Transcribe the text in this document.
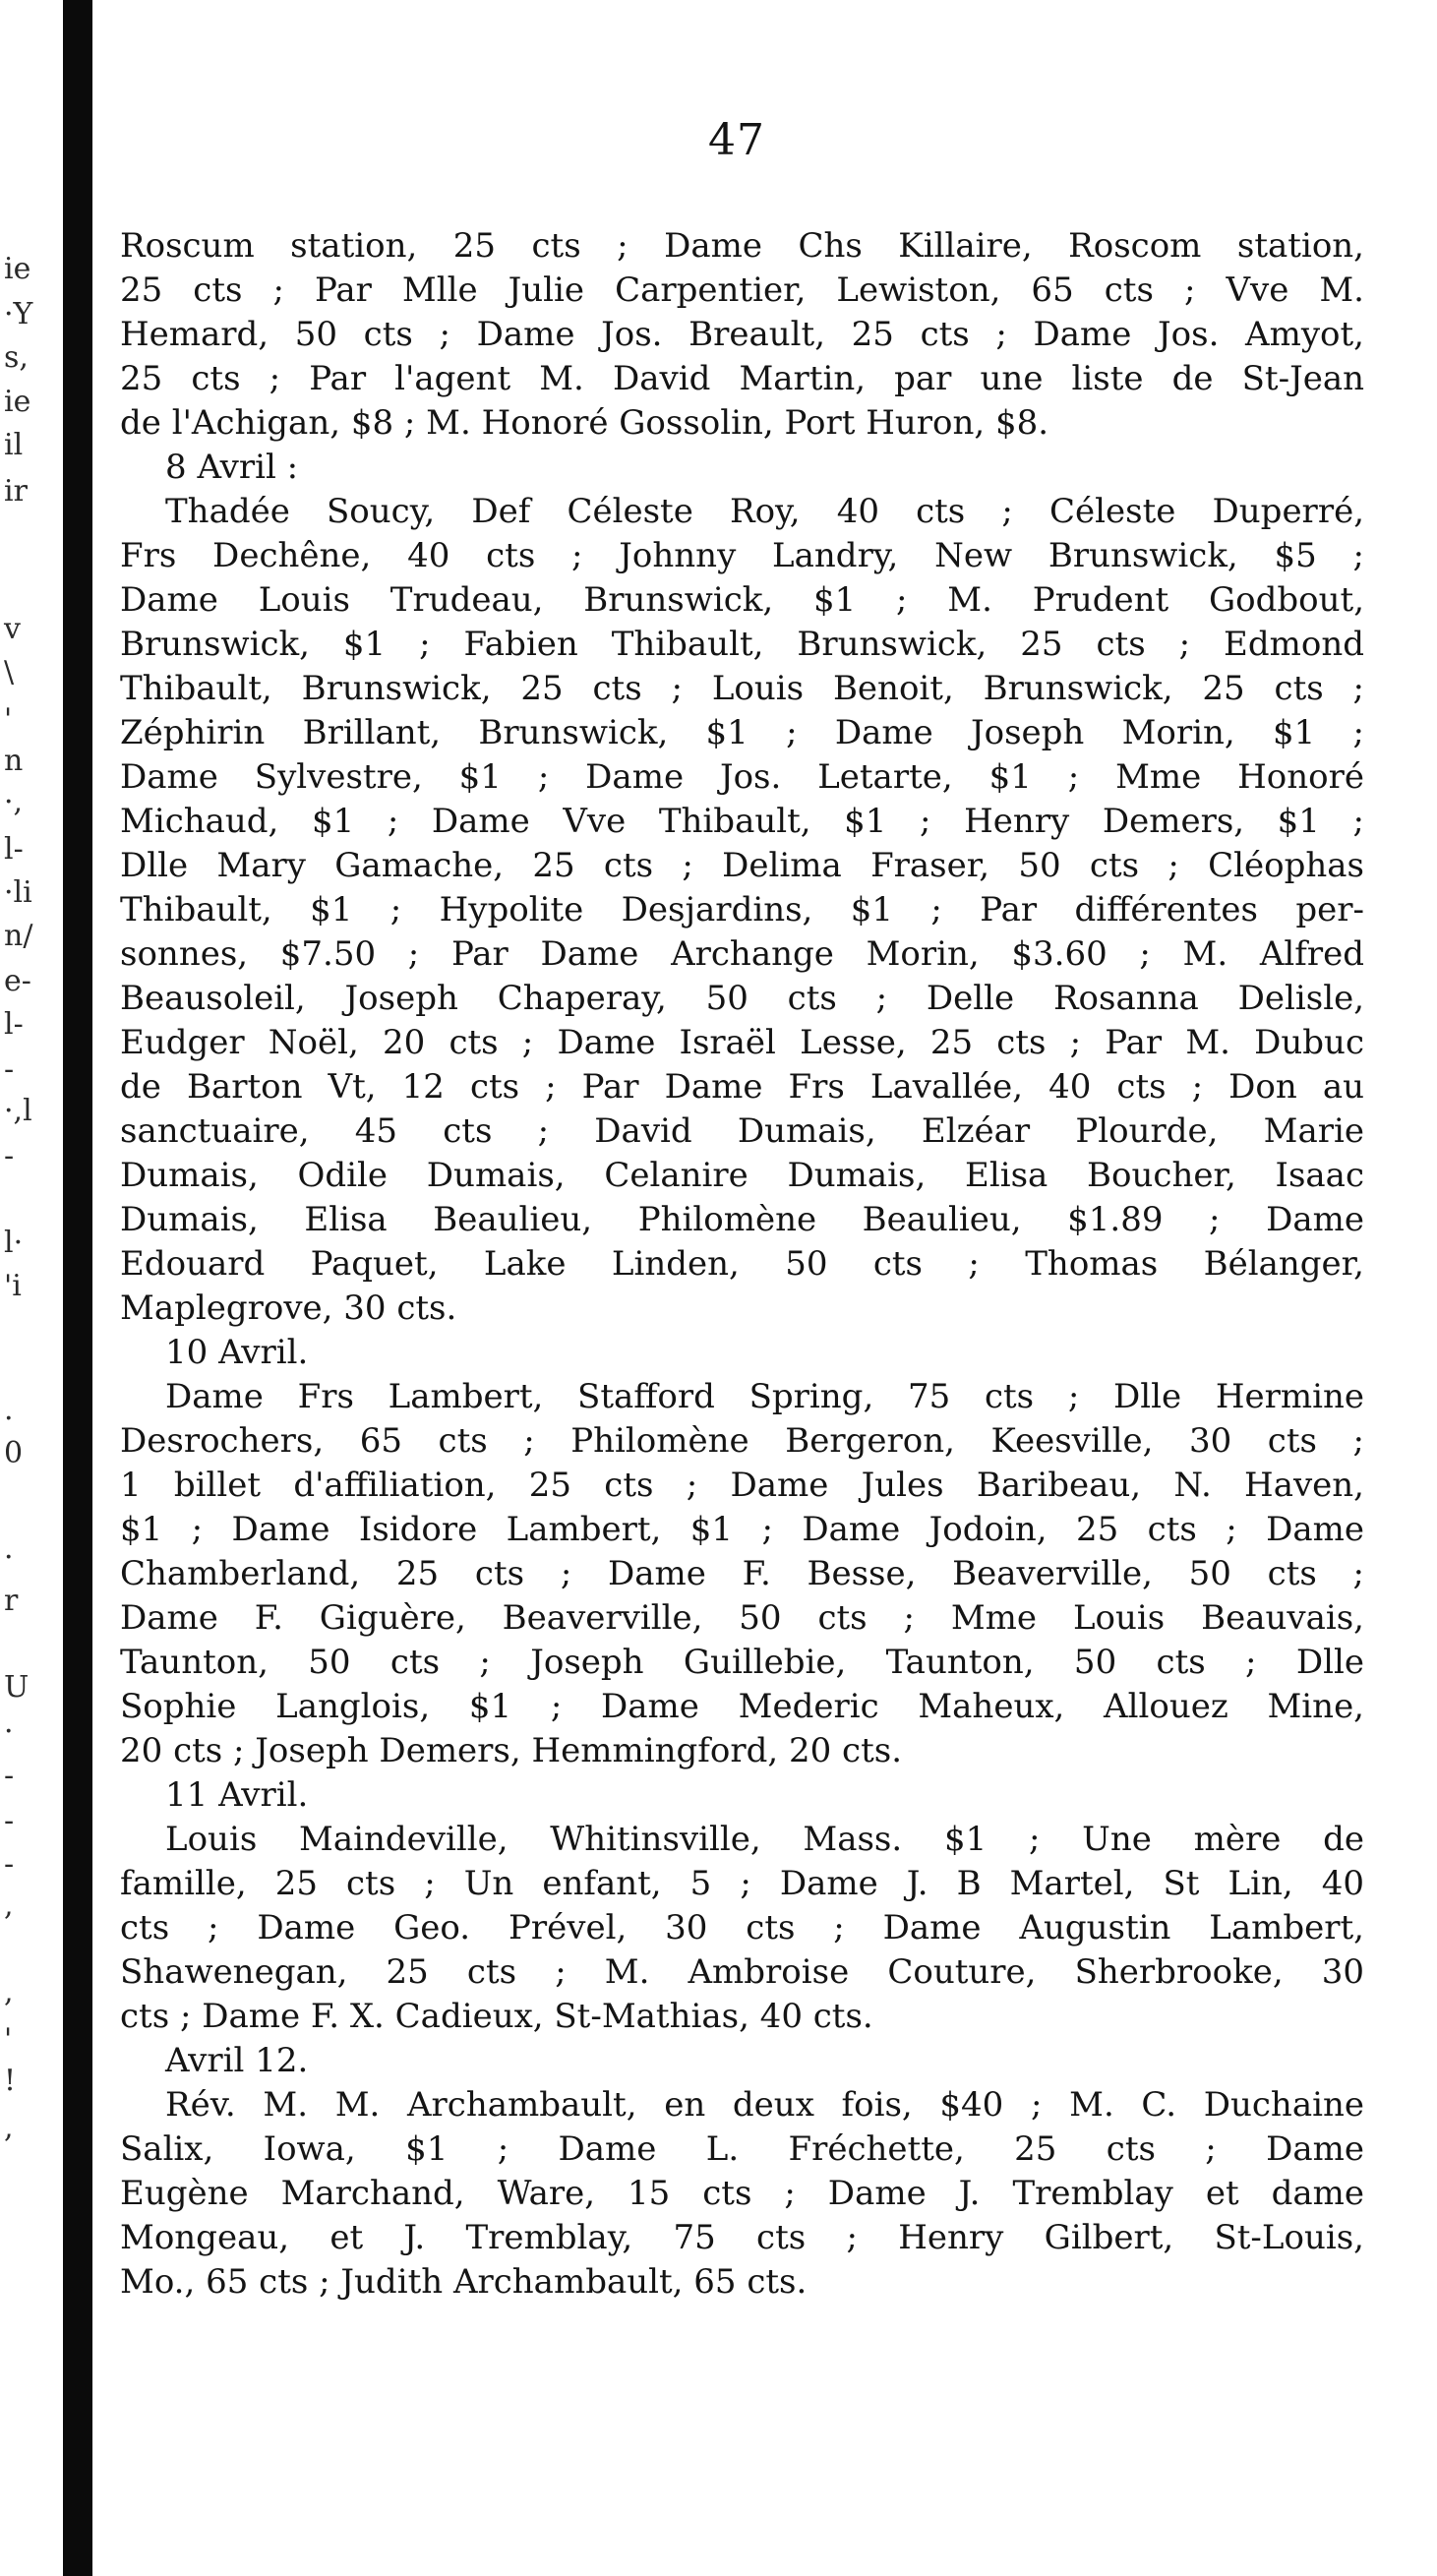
ie
·Y
s,
ie
il
ir
v
\
'
n
·,
l-
·li
n/
e-
l-
-
·,l
-
l·
'i
.
0
·
r
U
·
-
-
-
,
,
'
!
,
47
Roscum station, 25 cts ; Dame Chs Killaire, Roscom station,
25 cts ; Par Mlle Julie Carpentier, Lewiston, 65 cts ; Vve M.
Hemard, 50 cts ; Dame Jos. Breault, 25 cts ; Dame Jos. Amyot,
25 cts ; Par l'agent M. David Martin, par une liste de St-Jean
de l'Achigan, $8 ; M. Honoré Gossolin, Port Huron, $8.
8 Avril :
Thadée Soucy, Def Céleste Roy, 40 cts ; Céleste Duperré,
Frs Dechêne, 40 cts ; Johnny Landry, New Brunswick, $5 ;
Dame Louis Trudeau, Brunswick, $1 ; M. Prudent Godbout,
Brunswick, $1 ; Fabien Thibault, Brunswick, 25 cts ; Edmond
Thibault, Brunswick, 25 cts ; Louis Benoit, Brunswick, 25 cts ;
Zéphirin Brillant, Brunswick, $1 ; Dame Joseph Morin, $1 ;
Dame Sylvestre, $1 ; Dame Jos. Letarte, $1 ; Mme Honoré
Michaud, $1 ; Dame Vve Thibault, $1 ; Henry Demers, $1 ;
Dlle Mary Gamache, 25 cts ; Delima Fraser, 50 cts ; Cléophas
Thibault, $1 ; Hypolite Desjardins, $1 ; Par différentes per-
sonnes, $7.50 ; Par Dame Archange Morin, $3.60 ; M. Alfred
Beausoleil, Joseph Chaperay, 50 cts ; Delle Rosanna Delisle,
Eudger Noël, 20 cts ; Dame Israël Lesse, 25 cts ; Par M. Dubuc
de Barton Vt, 12 cts ; Par Dame Frs Lavallée, 40 cts ; Don au
sanctuaire, 45 cts ; David Dumais, Elzéar Plourde, Marie
Dumais, Odile Dumais, Celanire Dumais, Elisa Boucher, Isaac
Dumais, Elisa Beaulieu, Philomène Beaulieu, $1.89 ; Dame
Edouard Paquet, Lake Linden, 50 cts ; Thomas Bélanger,
Maplegrove, 30 cts.
10 Avril.
Dame Frs Lambert, Stafford Spring, 75 cts ; Dlle Hermine
Desrochers, 65 cts ; Philomène Bergeron, Keesville, 30 cts ;
1 billet d'affiliation, 25 cts ; Dame Jules Baribeau, N. Haven,
$1 ; Dame Isidore Lambert, $1 ; Dame Jodoin, 25 cts ; Dame
Chamberland, 25 cts ; Dame F. Besse, Beaverville, 50 cts ;
Dame F. Giguère, Beaverville, 50 cts ; Mme Louis Beauvais,
Taunton, 50 cts ; Joseph Guillebie, Taunton, 50 cts ; Dlle
Sophie Langlois, $1 ; Dame Mederic Maheux, Allouez Mine,
20 cts ; Joseph Demers, Hemmingford, 20 cts.
11 Avril.
Louis Maindeville, Whitinsville, Mass. $1 ; Une mère de
famille, 25 cts ; Un enfant, 5 ; Dame J. B Martel, St Lin, 40
cts ; Dame Geo. Prével, 30 cts ; Dame Augustin Lambert,
Shawenegan, 25 cts ; M. Ambroise Couture, Sherbrooke, 30
cts ; Dame F. X. Cadieux, St-Mathias, 40 cts.
Avril 12.
Rév. M. M. Archambault, en deux fois, $40 ; M. C. Duchaine
Salix, Iowa, $1 ; Dame L. Fréchette, 25 cts ; Dame
Eugène Marchand, Ware, 15 cts ; Dame J. Tremblay et dame
Mongeau, et J. Tremblay, 75 cts ; Henry Gilbert, St-Louis,
Mo., 65 cts ; Judith Archambault, 65 cts.
